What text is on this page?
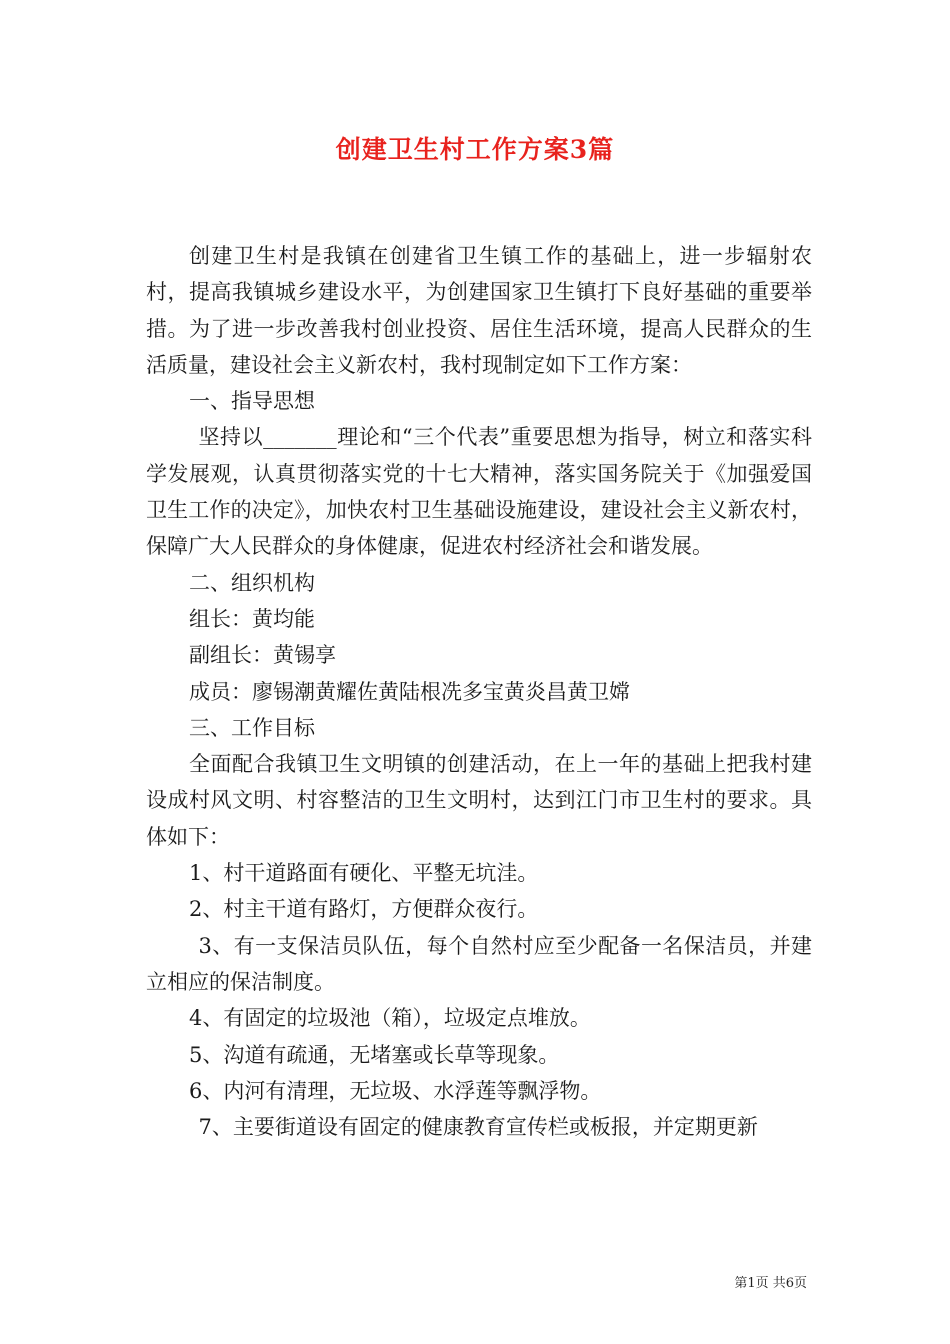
创建卫生村工作方案3篇

创建卫生村是我镇在创建省卫生镇工作的基础上，进一步辐射农村，提高我镇城乡建设水平，为创建国家卫生镇打下良好基础的重要举措。为了进一步改善我村创业投资、居住生活环境，提高人民群众的生活质量，建设社会主义新农村，我村现制定如下工作方案：

一、指导思想

坚持以_______理论和“三个代表”重要思想为指导，树立和落实科学发展观，认真贯彻落实党的十七大精神，落实国务院关于《加强爱国卫生工作的决定》，加快农村卫生基础设施建设，建设社会主义新农村，保障广大人民群众的身体健康，促进农村经济社会和谐发展。

二、组织机构

组长：黄均能

副组长：黄锡享

成员：廖锡潮黄耀佐黄陆根冼多宝黄炎昌黄卫嫦

三、工作目标

全面配合我镇卫生文明镇的创建活动，在上一年的基础上把我村建设成村风文明、村容整洁的卫生文明村，达到江门市卫生村的要求。具体如下：

1、村干道路面有硬化、平整无坑洼。

2、村主干道有路灯，方便群众夜行。

3、有一支保洁员队伍，每个自然村应至少配备一名保洁员，并建立相应的保洁制度。

4、有固定的垃圾池（箱），垃圾定点堆放。

5、沟道有疏通，无堵塞或长草等现象。

6、内河有清理，无垃圾、水浮莲等飘浮物。

7、主要街道设有固定的健康教育宣传栏或板报，并定期更新

第1页 共6页
